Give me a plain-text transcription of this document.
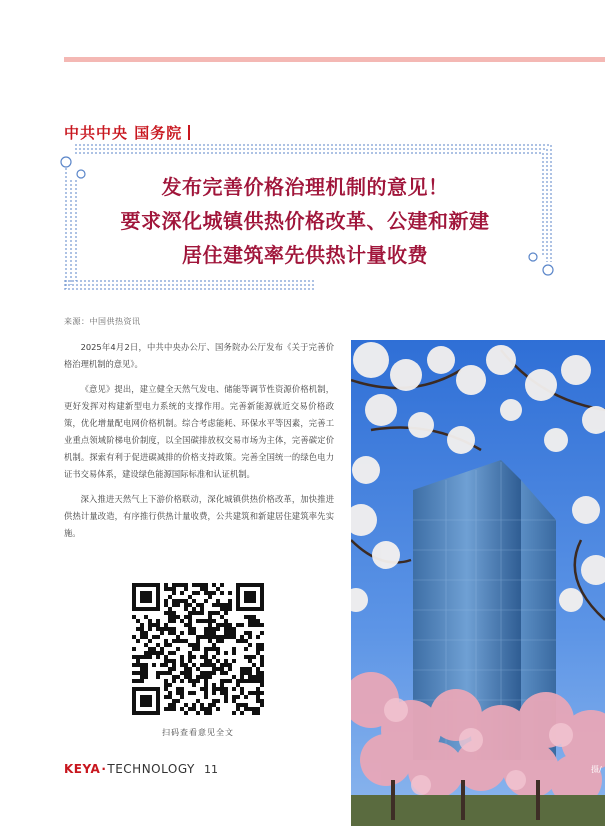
中共中央 国务院
发布完善价格治理机制的意见！
要求深化城镇供热价格改革、公建和新建
居住建筑率先供热计量收费
来源：中国供热资讯

2025年4月2日，中共中央办公厅、国务院办公厅发布《关于完善价格治理机制的意见》。

《意见》提出，建立健全天然气发电、储能等调节性资源价格机制，更好发挥对构建新型电力系统的支撑作用。完善新能源就近交易价格政策，优化增量配电网价格机制。综合考虑能耗、环保水平等因素，完善工业重点领域阶梯电价制度，以全国碳排放权交易市场为主体，完善碳定价机制。探索有利于促进碳减排的价格支持政策。完善全国统一的绿色电力证书交易体系，建设绿色能源国际标准和认证机制。

深入推进天然气上下游价格联动，深化城镇供热价格改革，加快推进供热计量改造，有序推行供热计量收费，公共建筑和新建居住建筑率先实施。

扫码查看意见全文
KEYA·TECHNOLOGY 11	摄/
